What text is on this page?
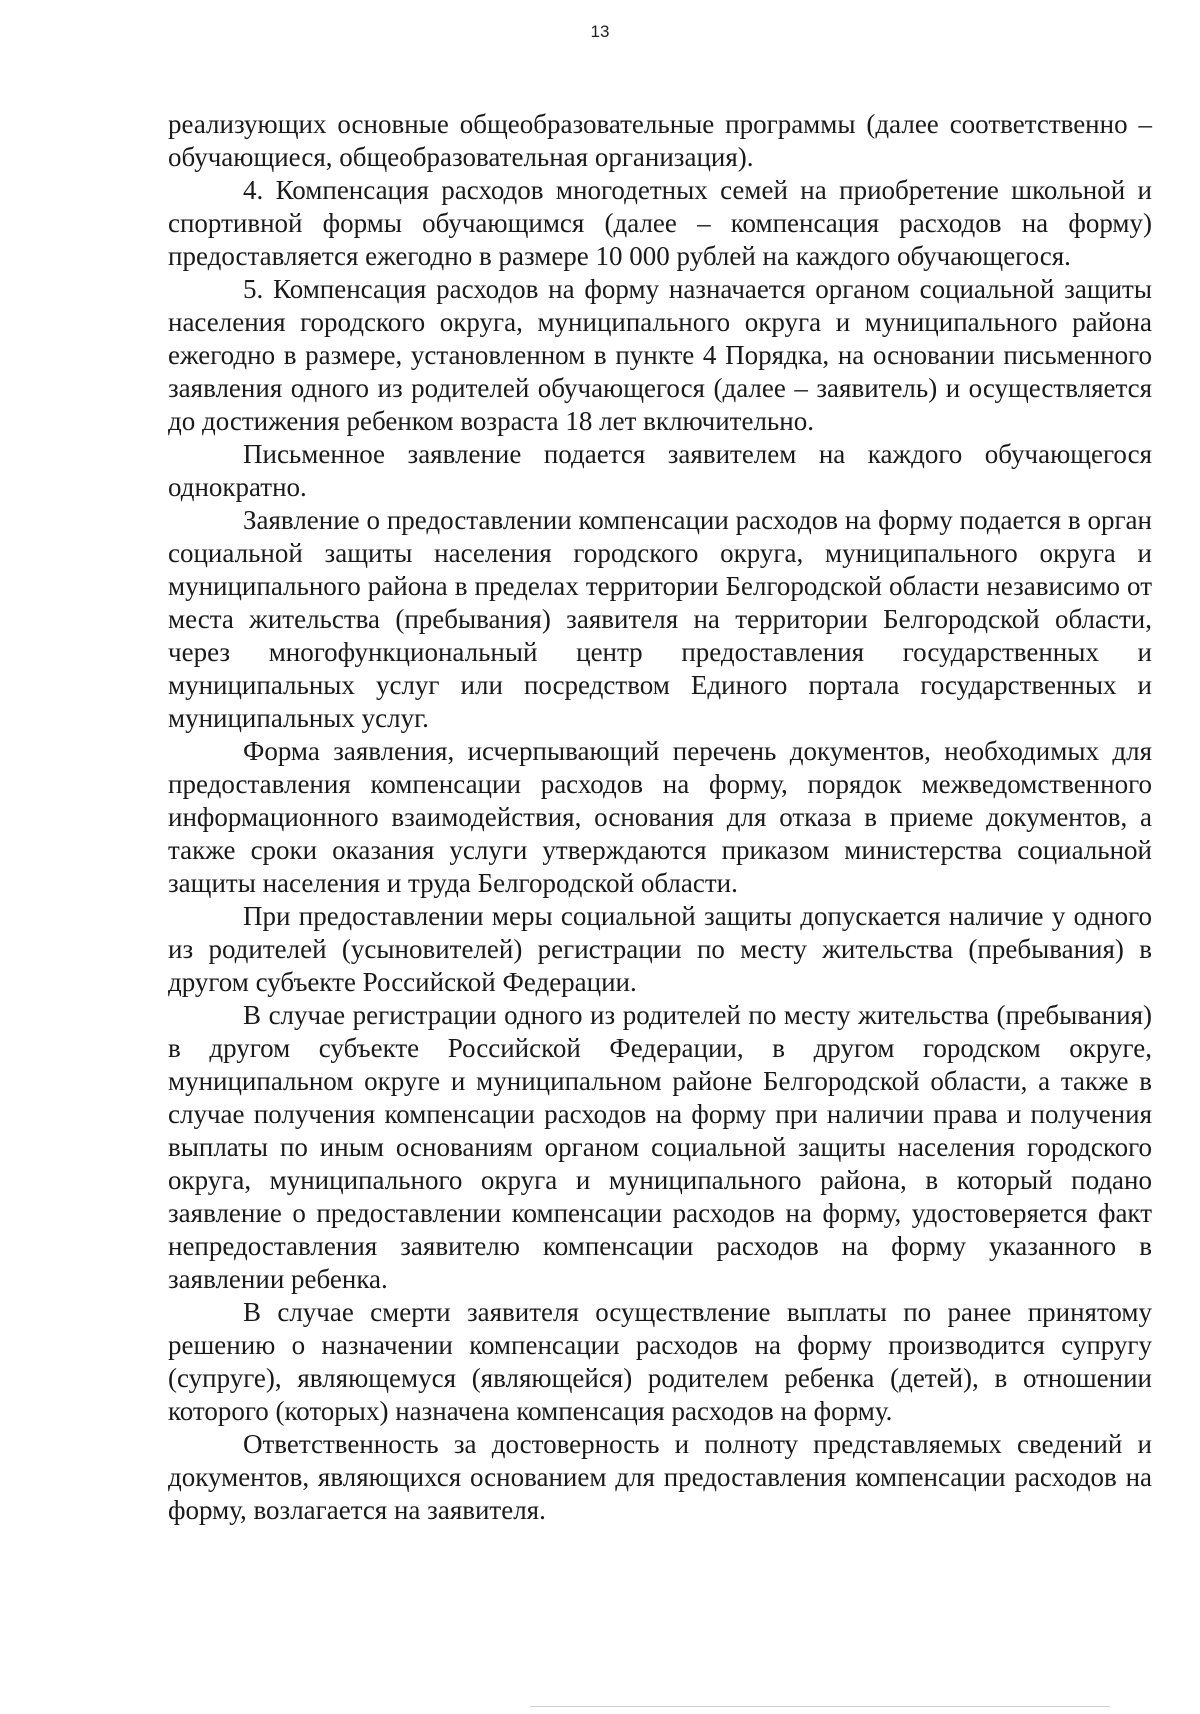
13

реализующих основные общеобразовательные программы (далее соответственно – обучающиеся, общеобразовательная организация).

4. Компенсация расходов многодетных семей на приобретение школьной и спортивной формы обучающимся (далее – компенсация расходов на форму) предоставляется ежегодно в размере 10 000 рублей на каждого обучающегося.

5. Компенсация расходов на форму назначается органом социальной защиты населения городского округа, муниципального округа и муниципального района ежегодно в размере, установленном в пункте 4 Порядка, на основании письменного заявления одного из родителей обучающегося (далее – заявитель) и осуществляется до достижения ребенком возраста 18 лет включительно.

Письменное заявление подается заявителем на каждого обучающегося однократно.

Заявление о предоставлении компенсации расходов на форму подается в орган социальной защиты населения городского округа, муниципального округа и муниципального района в пределах территории Белгородской области независимо от места жительства (пребывания) заявителя на территории Белгородской области, через многофункциональный центр предоставления государственных и муниципальных услуг или посредством Единого портала государственных и муниципальных услуг.

Форма заявления, исчерпывающий перечень документов, необходимых для предоставления компенсации расходов на форму, порядок межведомственного информационного взаимодействия, основания для отказа в приеме документов, а также сроки оказания услуги утверждаются приказом министерства социальной защиты населения и труда Белгородской области.

При предоставлении меры социальной защиты допускается наличие у одного из родителей (усыновителей) регистрации по месту жительства (пребывания) в другом субъекте Российской Федерации.

В случае регистрации одного из родителей по месту жительства (пребывания) в другом субъекте Российской Федерации, в другом городском округе, муниципальном округе и муниципальном районе Белгородской области, а также в случае получения компенсации расходов на форму при наличии права и получения выплаты по иным основаниям органом социальной защиты населения городского округа, муниципального округа и муниципального района, в который подано заявление о предоставлении компенсации расходов на форму, удостоверяется факт непредоставления заявителю компенсации расходов на форму указанного в заявлении ребенка.

В случае смерти заявителя осуществление выплаты по ранее принятому решению о назначении компенсации расходов на форму производится супругу (супруге), являющемуся (являющейся) родителем ребенка (детей), в отношении которого (которых) назначена компенсация расходов на форму.

Ответственность за достоверность и полноту представляемых сведений и документов, являющихся основанием для предоставления компенсации расходов на форму, возлагается на заявителя.
